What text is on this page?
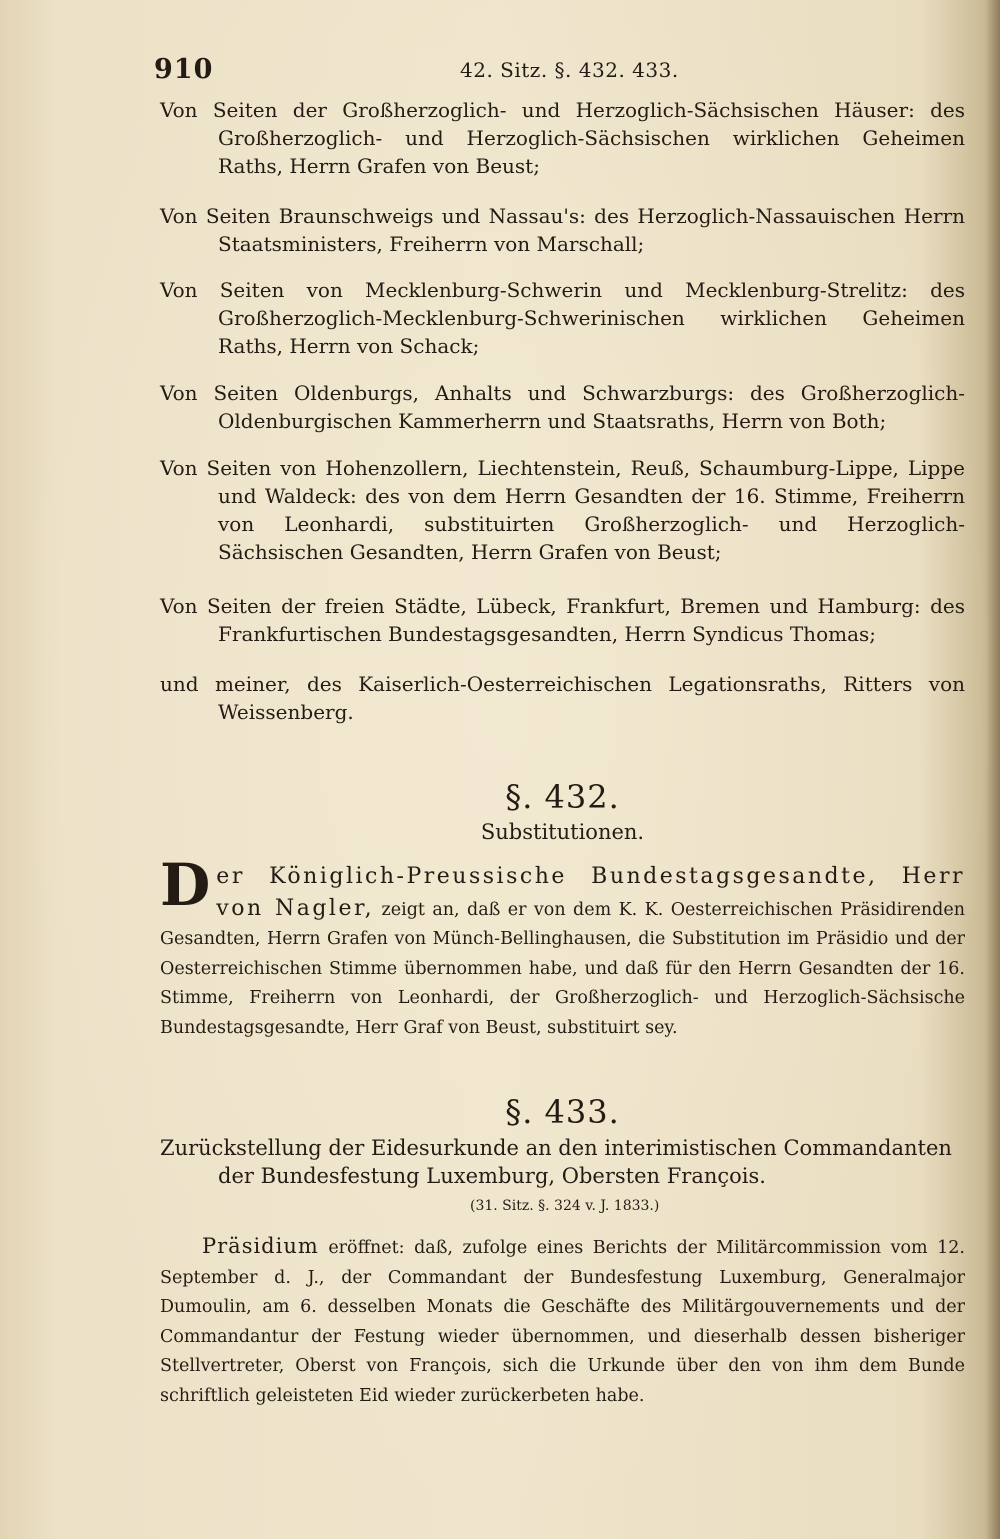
910	42. Sitz. §. 432. 433.
Von Seiten der Großherzoglich- und Herzoglich-Sächsischen Häuser: des Großherzoglich- und Herzoglich-Sächsischen wirklichen Geheimen Raths, Herrn Grafen von Beust;
Von Seiten Braunschweigs und Nassau's: des Herzoglich-Nassauischen Herrn Staatsministers, Freiherrn von Marschall;
Von Seiten von Mecklenburg-Schwerin und Mecklenburg-Strelitz: des Großherzoglich-Mecklenburg-Schwerinischen wirklichen Geheimen Raths, Herrn von Schack;
Von Seiten Oldenburgs, Anhalts und Schwarzburgs: des Großherzoglich-Oldenburgischen Kammerherrn und Staatsraths, Herrn von Both;
Von Seiten von Hohenzollern, Liechtenstein, Reuß, Schaumburg-Lippe, Lippe und Waldeck: des von dem Herrn Gesandten der 16. Stimme, Freiherrn von Leonhardi, substituirten Großherzoglich- und Herzoglich-Sächsischen Gesandten, Herrn Grafen von Beust;
Von Seiten der freien Städte, Lübeck, Frankfurt, Bremen und Hamburg: des Frankfurtischen Bundestagsgesandten, Herrn Syndicus Thomas;
und meiner, des Kaiserlich-Oesterreichischen Legationsraths, Ritters von Weissenberg.
§. 432.
Substitutionen.
D er Königlich-Preussische Bundestagsgesandte, Herr von Nagler, zeigt an, daß er von dem K. K. Oesterreichischen Präsidirenden Gesandten, Herrn Grafen von Münch-Bellinghausen, die Substitution im Präsidio und der Oesterreichischen Stimme übernommen habe, und daß für den Herrn Gesandten der 16. Stimme, Freiherrn von Leonhardi, der Großherzoglich- und Herzoglich-Sächsische Bundestagsgesandte, Herr Graf von Beust, substituirt sey.
§. 433.
Zurückstellung der Eidesurkunde an den interimistischen Commandanten der Bundesfestung Luxemburg, Obersten François.
(31. Sitz. §. 324 v. J. 1833.)
Präsidium eröffnet: daß, zufolge eines Berichts der Militärcommission vom 12. September d. J., der Commandant der Bundesfestung Luxemburg, Generalmajor Dumoulin, am 6. desselben Monats die Geschäfte des Militärgouvernements und der Commandantur der Festung wieder übernommen, und dieserhalb dessen bisheriger Stellvertreter, Oberst von François, sich die Urkunde über den von ihm dem Bunde schriftlich geleisteten Eid wieder zurückerbeten habe.
